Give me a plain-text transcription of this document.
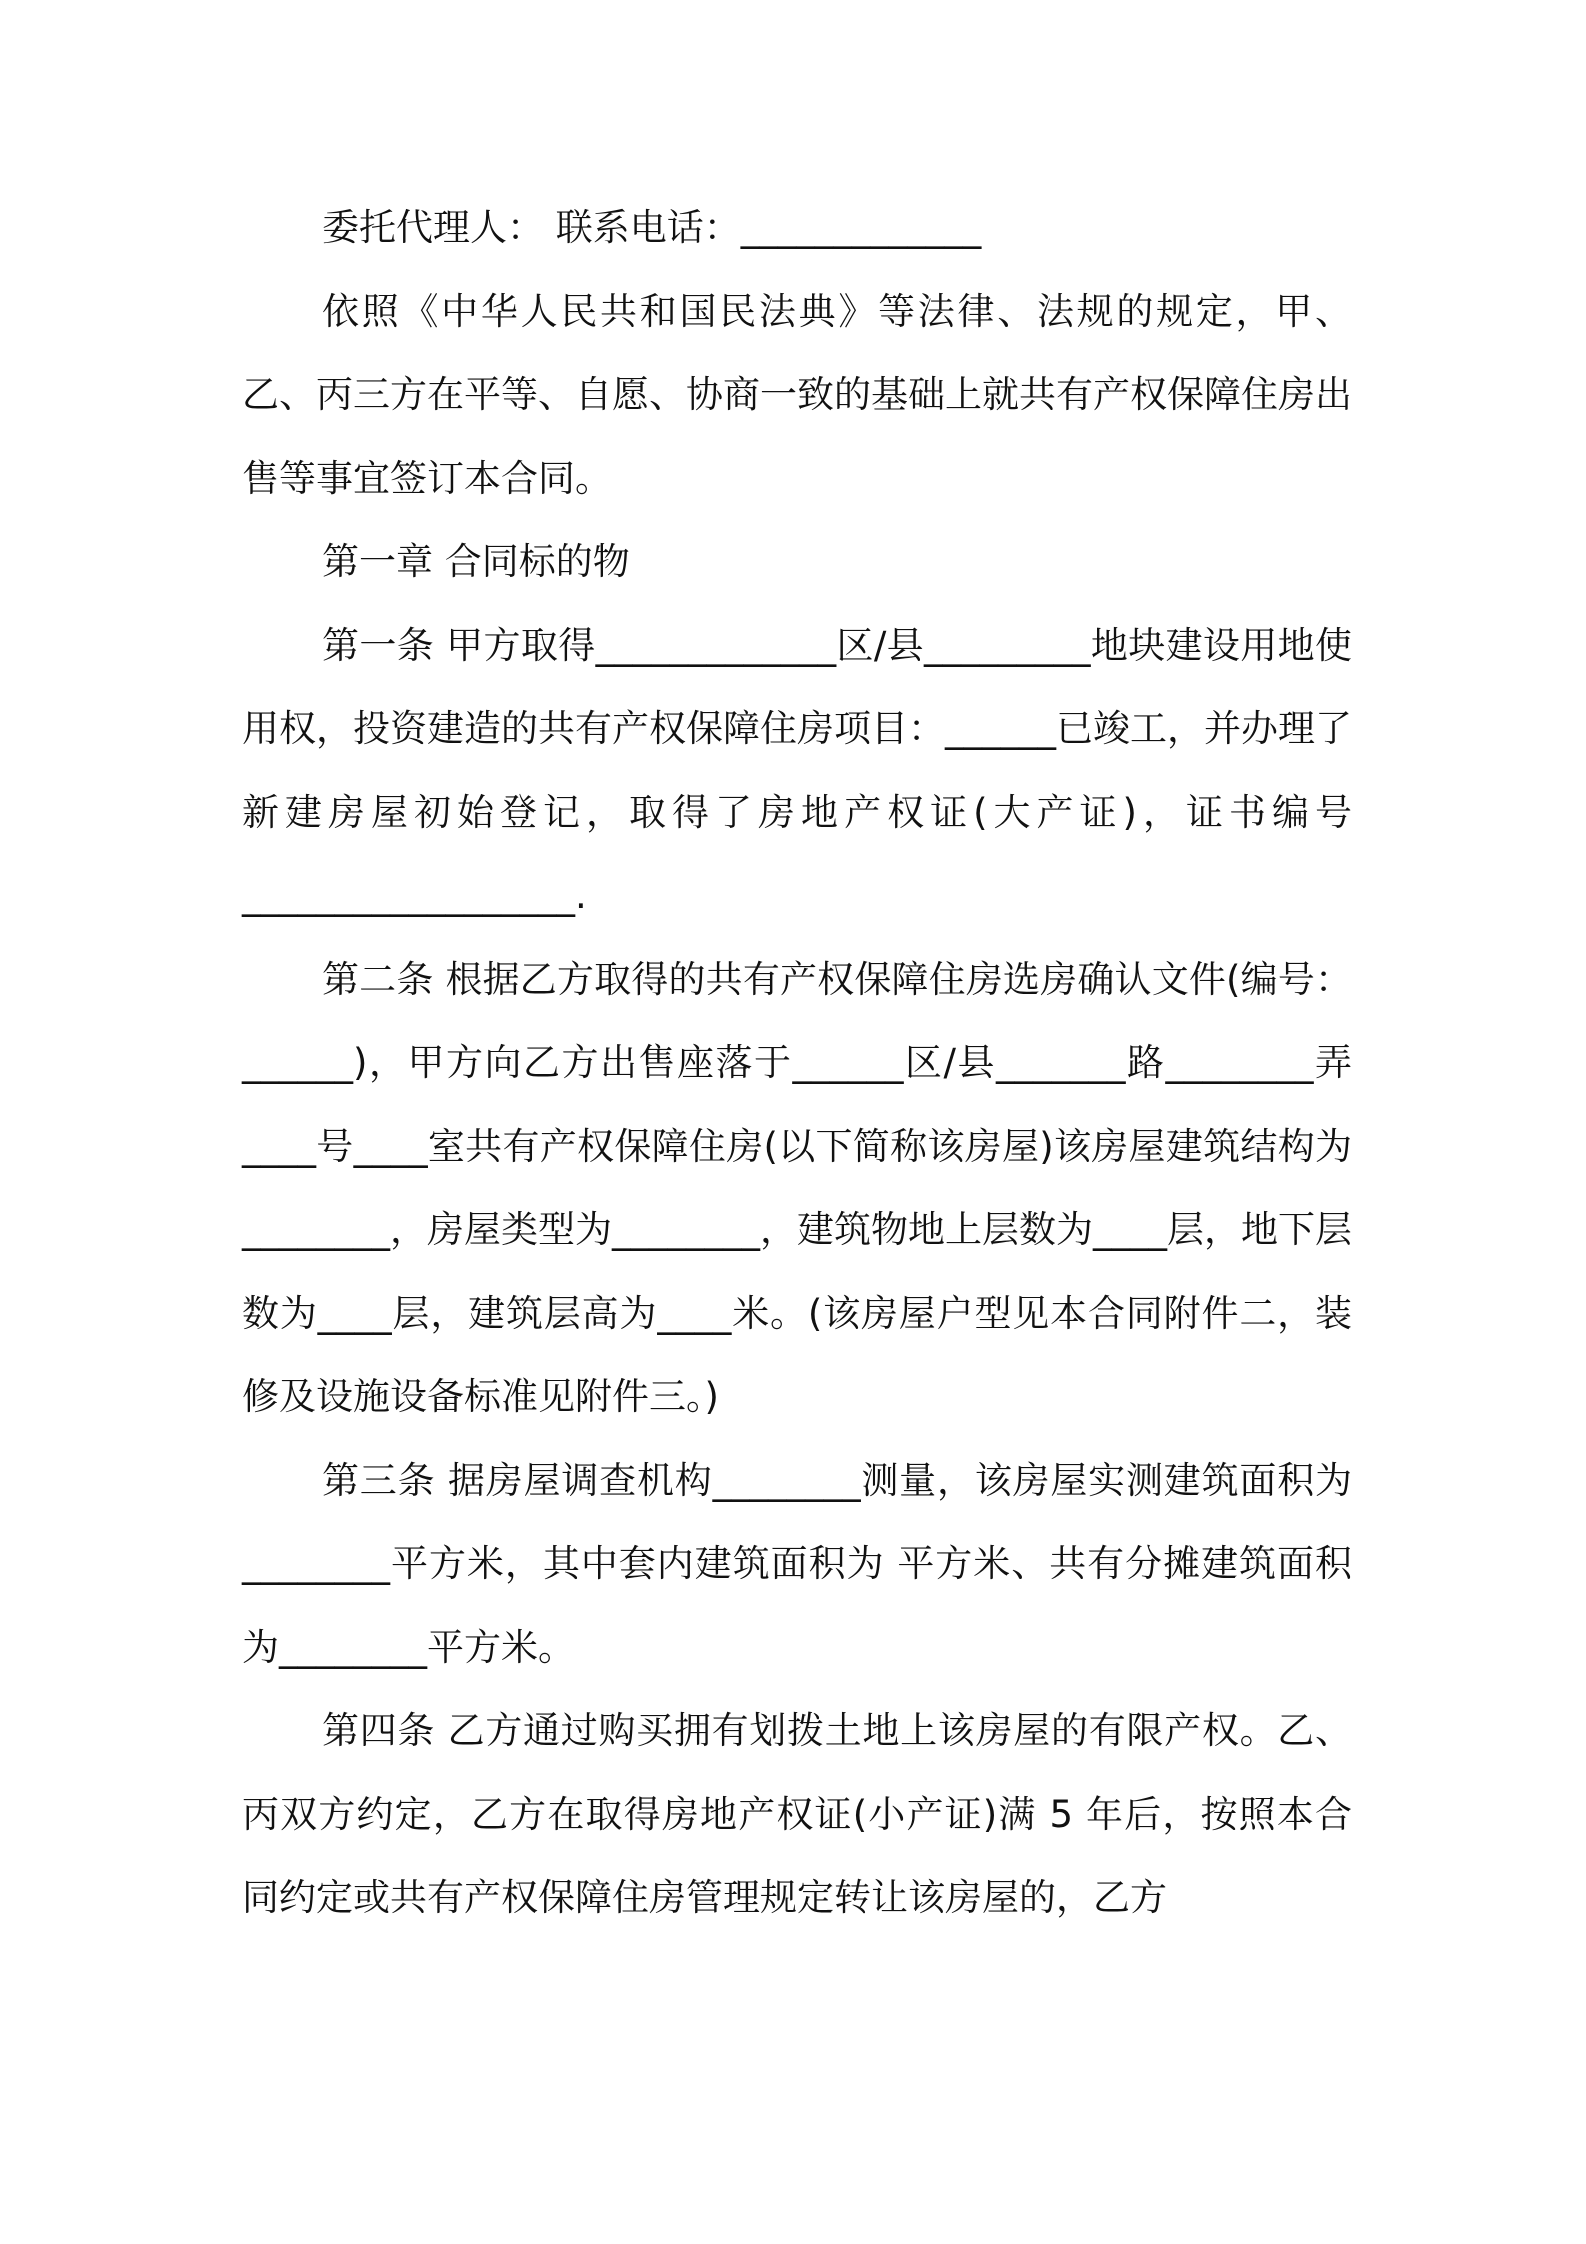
委托代理人： 联系电话：_____________

依照《中华人民共和国民法典》等法律、法规的规定，甲、乙、丙三方在平等、自愿、协商一致的基础上就共有产权保障住房出售等事宜签订本合同。

第一章 合同标的物

第一条 甲方取得_____________区/县_________地块建设用地使用权，投资建造的共有产权保障住房项目：______已竣工，并办理了新建房屋初始登记，取得了房地产权证(大产证)，证书编号__________________.

第二条 根据乙方取得的共有产权保障住房选房确认文件(编号：______)，甲方向乙方出售座落于______区/县_______路________弄 ____号____室共有产权保障住房(以下简称该房屋)该房屋建筑结构为________，房屋类型为________，建筑物地上层数为____层，地下层数为____层，建筑层高为____米。(该房屋户型见本合同附件二，装修及设施设备标准见附件三。)

第三条 据房屋调查机构________测量，该房屋实测建筑面积为________平方米，其中套内建筑面积为 平方米、共有分摊建筑面积为________平方米。

第四条 乙方通过购买拥有划拨土地上该房屋的有限产权。乙、丙双方约定，乙方在取得房地产权证(小产证)满 5 年后，按照本合同约定或共有产权保障住房管理规定转让该房屋的，乙方
